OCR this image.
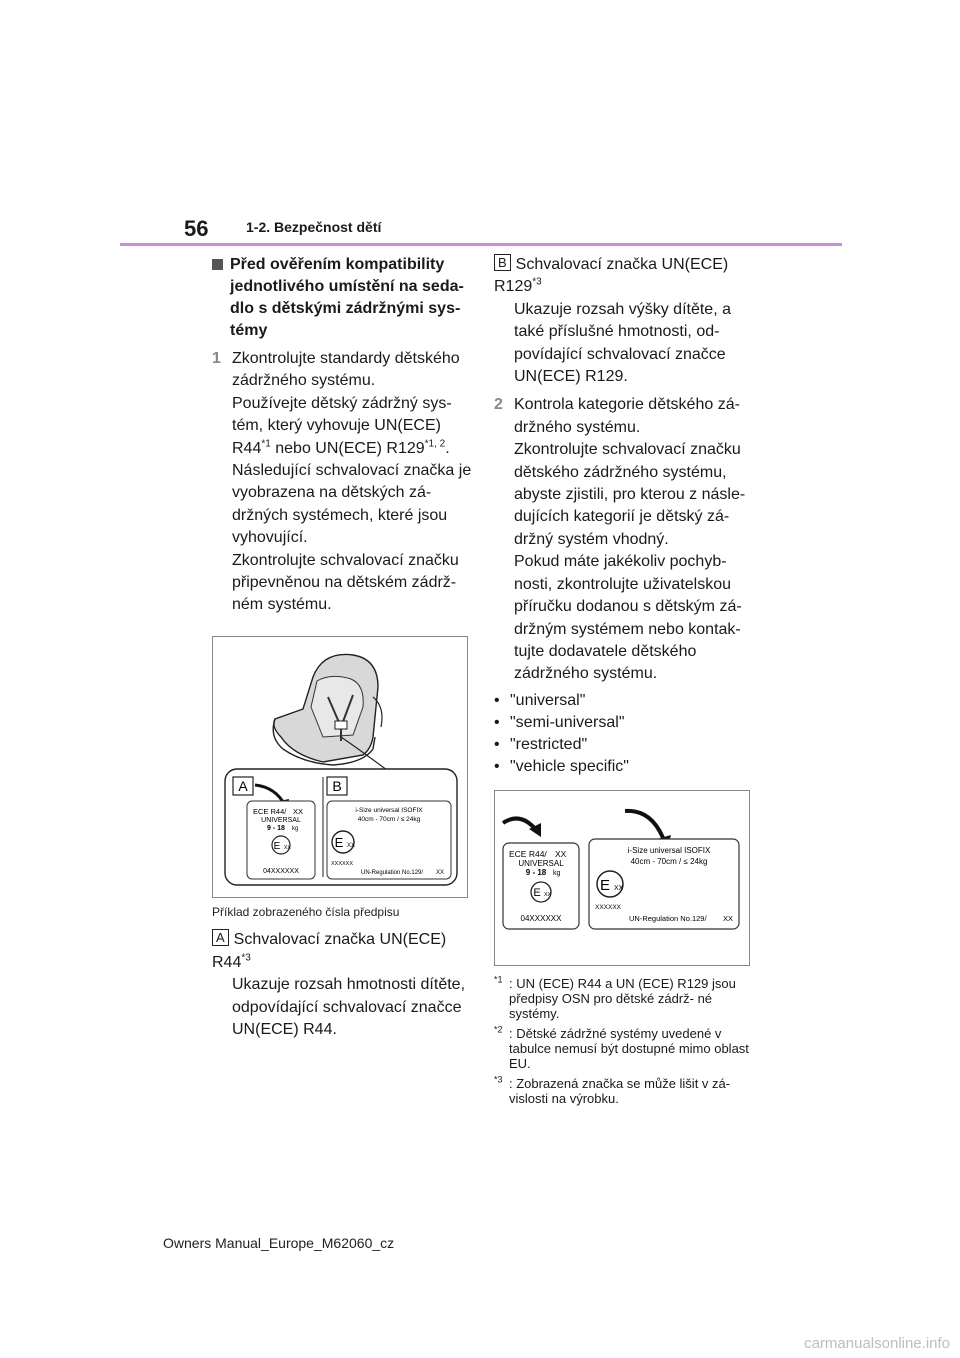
56	1-2. Bezpečnost dětí
Před ověřením kompatibility jednotlivého umístění na seda- dlo s dětskými zádržnými sys- témy
1 Zkontrolujte standardy dětského zádržného systému.
Používejte dětský zádržný sys- tém, který vyhovuje UN(ECE) R44$^{*1}$ nebo UN(ECE) R129$^{*1, 2}$.
Následující schvalovací značka je vyobrazena na dětských zá- držných systémech, které jsou vyhovující.
Zkontrolujte schvalovací značku připevněnou na dětském zádrž- ném systému.
A	B
ECE R44/ XX
UNIVERSAL
9 - 18 kg
E XX
04XXXXXX
i-Size universal ISOFIX
40cm - 70cm / ≤ 24kg
E XX
XXXXXX
UN-Regulation No.129/ XX
Příklad zobrazeného čísla předpisu
A Schvalovací značka UN(ECE) R44$^{*3}$
Ukazuje rozsah hmotnosti dítěte, odpovídající schvalovací značce UN(ECE) R44.
B Schvalovací značka UN(ECE) R129$^{*3}$
Ukazuje rozsah výšky dítěte, a také příslušné hmotnosti, od- povídající schvalovací značce UN(ECE) R129.
2 Kontrola kategorie dětského zá- držného systému.
Zkontrolujte schvalovací značku dětského zádržného systému, abyste zjistili, pro kterou z násle- dujících kategorií je dětský zá- držný systém vhodný.
Pokud máte jakékoliv pochyb- nosti, zkontrolujte uživatelskou příručku dodanou s dětským zá- držným systémem nebo kontak- tujte dodavatele dětského zádržného systému.
• "universal"
• "semi-universal"
• "restricted"
• "vehicle specific"
ECE R44/ XX
UNIVERSAL
9 - 18 kg
E XX
04XXXXXX
i-Size universal ISOFIX
40cm - 70cm / ≤ 24kg
E XX
XXXXXX
UN-Regulation No.129/ XX
$^{*1}$ : UN (ECE) R44 a UN (ECE) R129 jsou předpisy OSN pro dětské zádrž- né systémy.
$^{*2}$ : Dětské zádržné systémy uvedené v tabulce nemusí být dostupné mimo oblast EU.
$^{*3}$ : Zobrazená značka se může lišit v zá- vislosti na výrobku.
Owners Manual_Europe_M62060_cz
carmanualsonline.info
